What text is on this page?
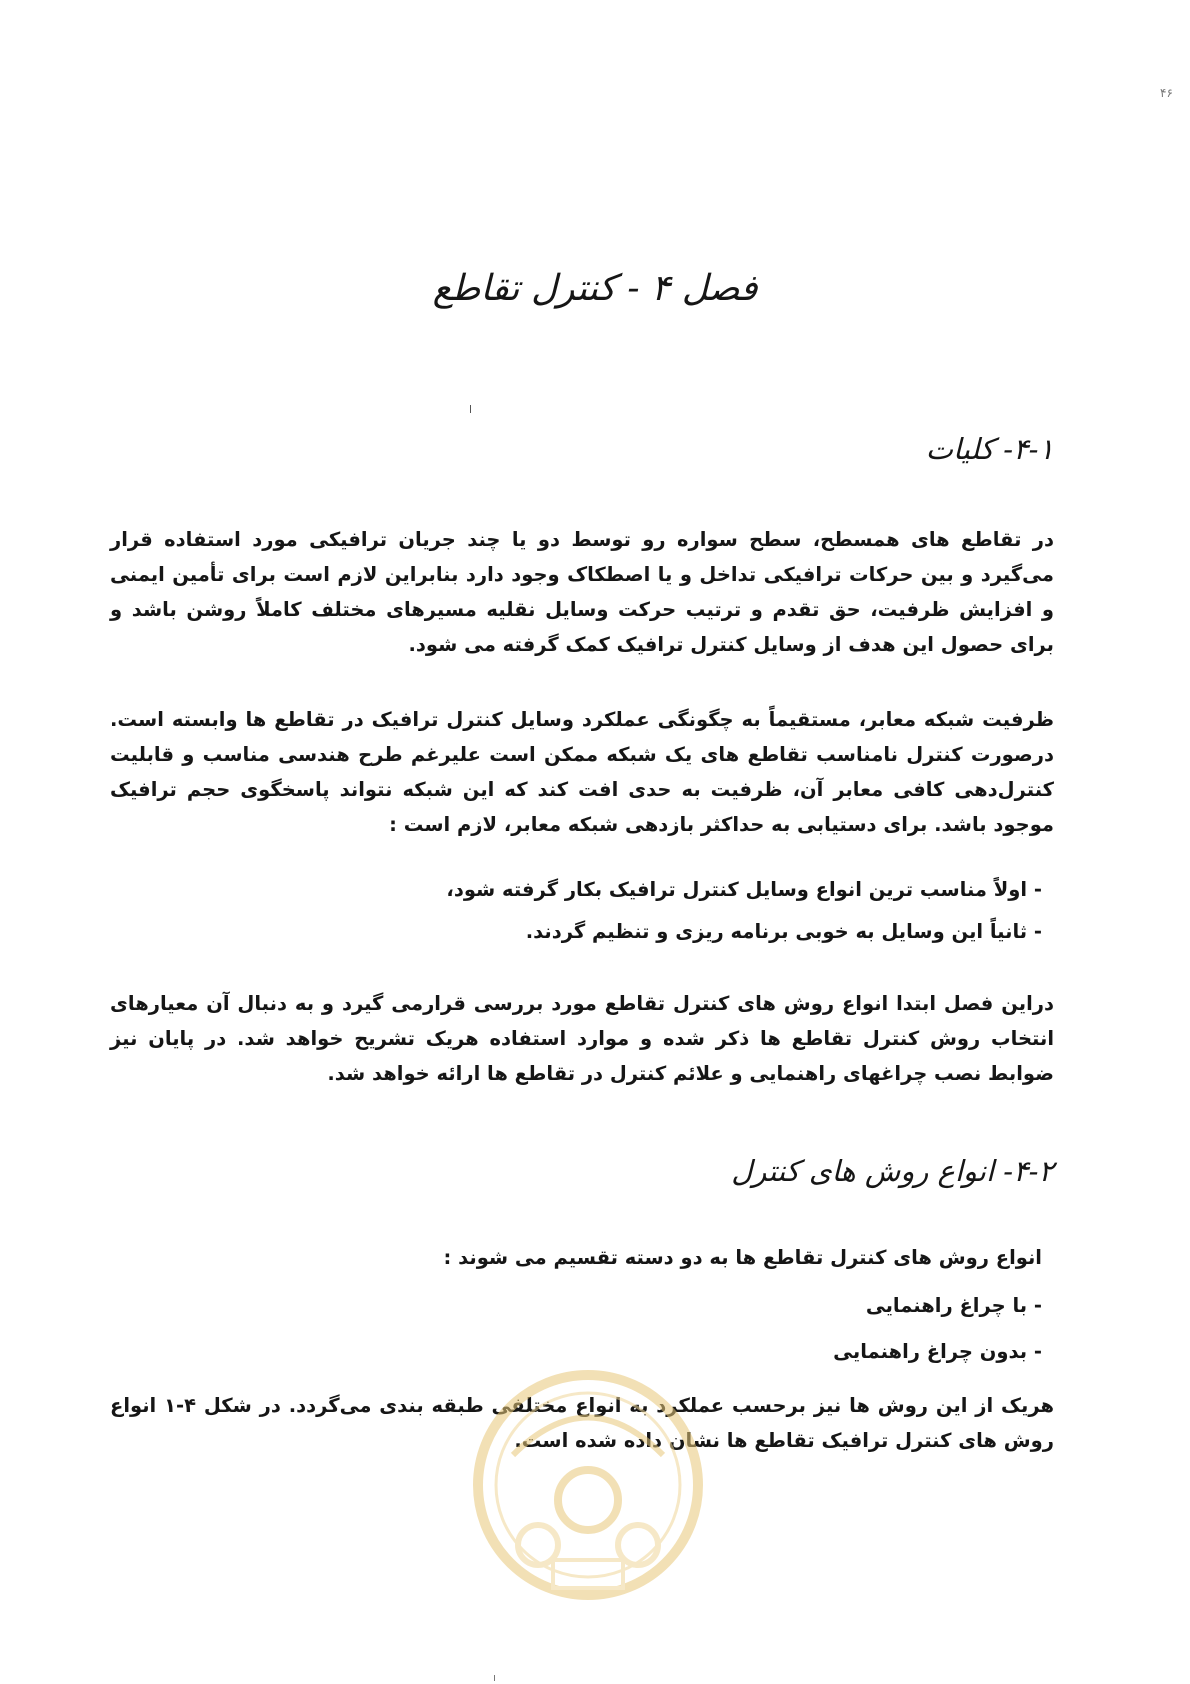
۴۶
فصل ۴ - کنترل تقاطع
۴-۱- کلیات

در تقاطع های همسطح، سطح سواره رو توسط دو یا چند جریان ترافیکی مورد استفاده قرار می‌گیرد و بین حرکات ترافیکی تداخل و یا اصطکاک وجود دارد بنابراین لازم است برای تأمین ایمنی و افزایش ظرفیت، حق تقدم و ترتیب حرکت وسایل نقلیه مسیرهای مختلف کاملاً روشن باشد و برای حصول این هدف از وسایل کنترل ترافیک کمک گرفته می شود.

ظرفیت شبکه معابر، مستقیماً به چگونگی عملکرد وسایل کنترل ترافیک در تقاطع ها وابسته است. درصورت کنترل نامناسب تقاطع های یک شبکه ممکن است علیرغم طرح هندسی مناسب و قابلیت کنترل‌دهی کافی معابر آن، ظرفیت به حدی افت کند که این شبکه نتواند پاسخگوی حجم ترافیک موجود باشد. برای دستیابی به حداکثر بازدهی شبکه معابر، لازم است :

- اولاً مناسب ترین انواع وسایل کنترل ترافیک بکار گرفته شود،

- ثانیاً این وسایل به خوبی برنامه ریزی و تنظیم گردند.

دراین فصل ابتدا انواع روش های کنترل تقاطع مورد بررسی قرارمی گیرد و به دنبال آن معیارهای انتخاب روش کنترل تقاطع ها ذکر شده و موارد استفاده هریک تشریح خواهد شد. در پایان نیز ضوابط نصب چراغهای راهنمایی و علائم کنترل در تقاطع ها ارائه خواهد شد.

۴-۲- انواع روش های کنترل

انواع روش های کنترل تقاطع ها به دو دسته تقسیم می شوند :

- با چراغ راهنمایی

- بدون چراغ راهنمایی

هریک از این روش ها نیز برحسب عملکرد به انواع مختلفی طبقه بندی می‌گردد. در شکل ۴-۱ انواع روش های کنترل ترافیک تقاطع ها نشان داده شده است.
